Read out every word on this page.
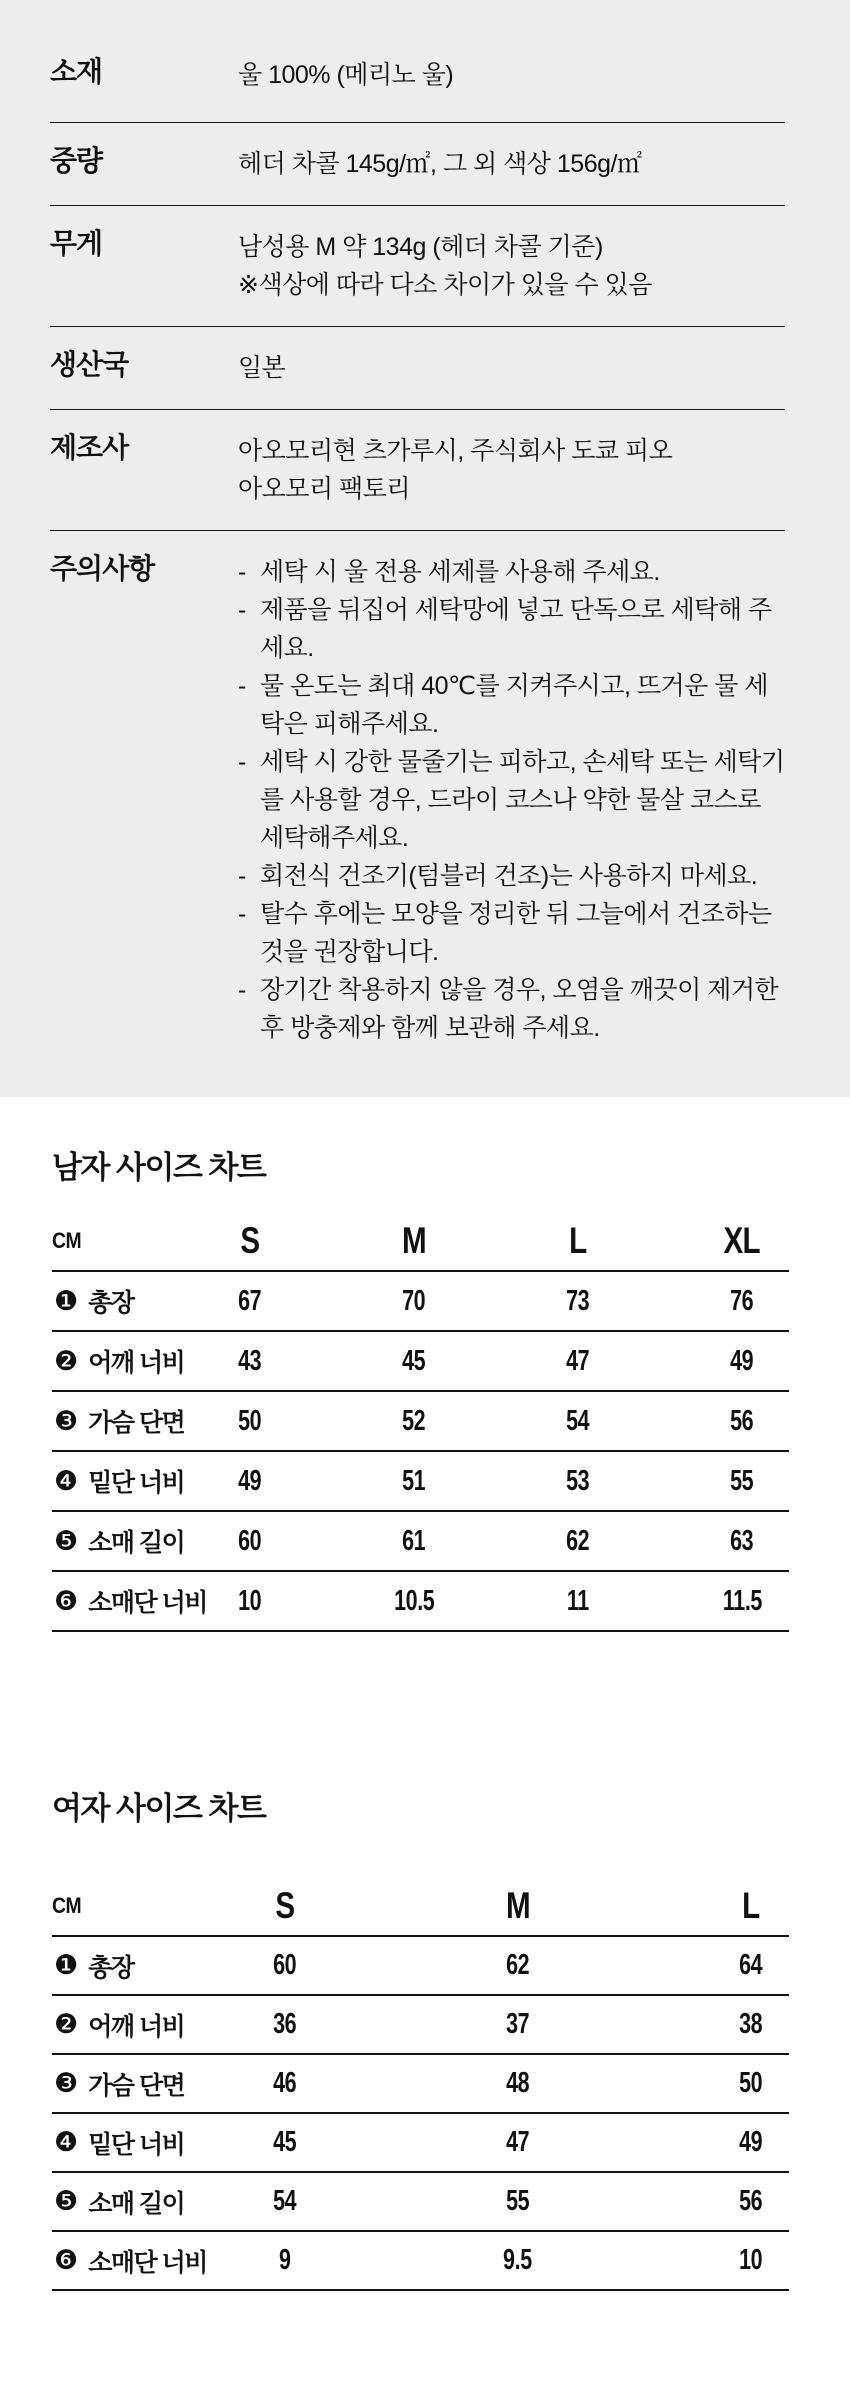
소재	울 100% (메리노 울)
중량	헤더 차콜 145g/㎡, 그 외 색상 156g/㎡
무게	남성용 M 약 134g (헤더 차콜 기준)
※색상에 따라 다소 차이가 있을 수 있음
생산국	일본
제조사	아오모리현 츠가루시, 주식회사 도쿄 피오
아오모리 팩토리
주의사항	- 세탁 시 울 전용 세제를 사용해 주세요.
- 제품을 뒤집어 세탁망에 넣고 단독으로 세탁해 주세요.
- 물 온도는 최대 40℃를 지켜주시고, 뜨거운 물 세탁은 피해주세요.
- 세탁 시 강한 물줄기는 피하고, 손세탁 또는 세탁기를 사용할 경우, 드라이 코스나 약한 물살 코스로 세탁해주세요.
- 회전식 건조기(텀블러 건조)는 사용하지 마세요.
- 탈수 후에는 모양을 정리한 뒤 그늘에서 건조하는 것을 권장합니다.
- 장기간 착용하지 않을 경우, 오염을 깨끗이 제거한 후 방충제와 함께 보관해 주세요.
남자 사이즈 차트
CM	S	M	L	XL
❶ 총장	67	70	73	76
❷ 어깨 너비	43	45	47	49
❸ 가슴 단면	50	52	54	56
❹ 밑단 너비	49	51	53	55
❺ 소매 길이	60	61	62	63
❻ 소매단 너비	10	10.5	11	11.5
여자 사이즈 차트
CM	S	M	L
❶ 총장	60	62	64
❷ 어깨 너비	36	37	38
❸ 가슴 단면	46	48	50
❹ 밑단 너비	45	47	49
❺ 소매 길이	54	55	56
❻ 소매단 너비	9	9.5	10
